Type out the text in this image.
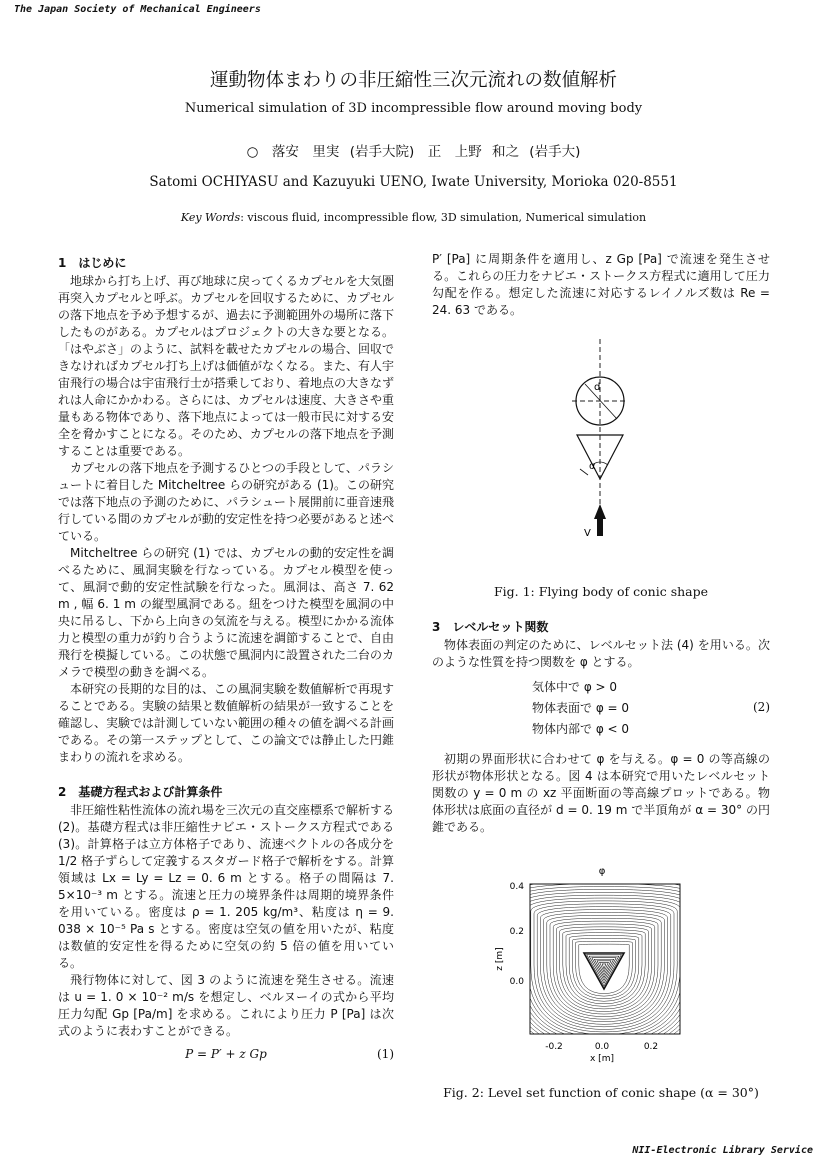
The Japan Society of Mechanical Engineers
運動物体まわりの非圧縮性三次元流れの数値解析
Numerical simulation of 3D incompressible flow around moving body
○　落安　里実 (岩手大院)　正　上野 和之 (岩手大)
Satomi OCHIYASU and Kazuyuki UENO, Iwate University, Morioka 020-8551
Key Words: viscous fluid, incompressible flow, 3D simulation, Numerical simulation
1　はじめに

地球から打ち上げ、再び地球に戻ってくるカプセルを大気圏再突入カプセルと呼ぶ。カプセルを回収するために、カプセルの落下地点を予め予想するが、過去に予測範囲外の場所に落下したものがある。カプセルはプロジェクトの大きな要となる。「はやぶさ」のように、試料を載せたカプセルの場合、回収できなければカプセル打ち上げは価値がなくなる。また、有人宇宙飛行の場合は宇宙飛行士が搭乗しており、着地点の大きなずれは人命にかかわる。さらには、カプセルは速度、大きさや重量もある物体であり、落下地点によっては一般市民に対する安全を脅かすことになる。そのため、カプセルの落下地点を予測することは重要である。

カプセルの落下地点を予測するひとつの手段として、パラシュートに着目した Mitcheltree らの研究がある (1)。この研究では落下地点の予測のために、パラシュート展開前に亜音速飛行している間のカプセルが動的安定性を持つ必要があると述べている。

Mitcheltree らの研究 (1) では、カプセルの動的安定性を調べるために、風洞実験を行なっている。カプセル模型を使って、風洞で動的安定性試験を行なった。風洞は、高さ 7. 62 m , 幅 6. 1 m の縦型風洞である。紐をつけた模型を風洞の中央に吊るし、下から上向きの気流を与える。模型にかかる流体力と模型の重力が釣り合うように流速を調節することで、自由飛行を模擬している。この状態で風洞内に設置された二台のカメラで模型の動きを調べる。

本研究の長期的な目的は、この風洞実験を数値解析で再現することである。実験の結果と数値解析の結果が一致することを確認し、実験では計測していない範囲の種々の値を調べる計画である。その第一ステップとして、この論文では静止した円錐まわりの流れを求める。

2　基礎方程式および計算条件

非圧縮性粘性流体の流れ場を三次元の直交座標系で解析する (2)。基礎方程式は非圧縮性ナビエ・ストークス方程式である (3)。計算格子は立方体格子であり、流速ベクトルの各成分を 1/2 格子ずらして定義するスタガード格子で解析をする。計算領域は Lx = Ly = Lz = 0. 6 m とする。格子の間隔は 7. 5×10⁻³ m とする。流速と圧力の境界条件は周期的境界条件を用いている。密度は ρ = 1. 205 kg/m³、粘度は η = 9. 038 × 10⁻⁵ Pa s とする。密度は空気の値を用いたが、粘度は数値的安定性を得るために空気の約 5 倍の値を用いている。

飛行物体に対して、図 3 のように流速を発生させる。流速は u = 1. 0 × 10⁻² m/s を想定し、ベルヌーイの式から平均圧力勾配 Gp [Pa/m] を求める。これにより圧力 P [Pa] は次式のように表わすことができる。

P = P′ + z Gp	(1)

P′ [Pa] に周期条件を適用し、z Gp [Pa] で流速を発生させる。これらの圧力をナビエ・ストークス方程式に適用して圧力勾配を作る。想定した流速に対応するレイノルズ数は Re = 24. 63 である。

d
α
V
Fig. 1: Flying body of conic shape
3　レベルセット関数

物体表面の判定のために、レベルセット法 (4) を用いる。次のような性質を持つ関数を φ とする。

気体中で φ > 0
物体表面で φ = 0
物体内部で φ < 0
(2)

初期の界面形状に合わせて φ を与える。φ = 0 の等高線の形状が物体形状となる。図 4 は本研究で用いたレベルセット関数の y = 0 m の xz 平面断面の等高線プロットである。物体形状は底面の直径が d = 0. 19 m で半頂角が α = 30° の円錐である。

φ
0.4
0.2
0.0
-0.2	0.0	0.2
x [m]
z [m]
Fig. 2: Level set function of conic shape (α = 30°)
NII-Electronic Library Service
